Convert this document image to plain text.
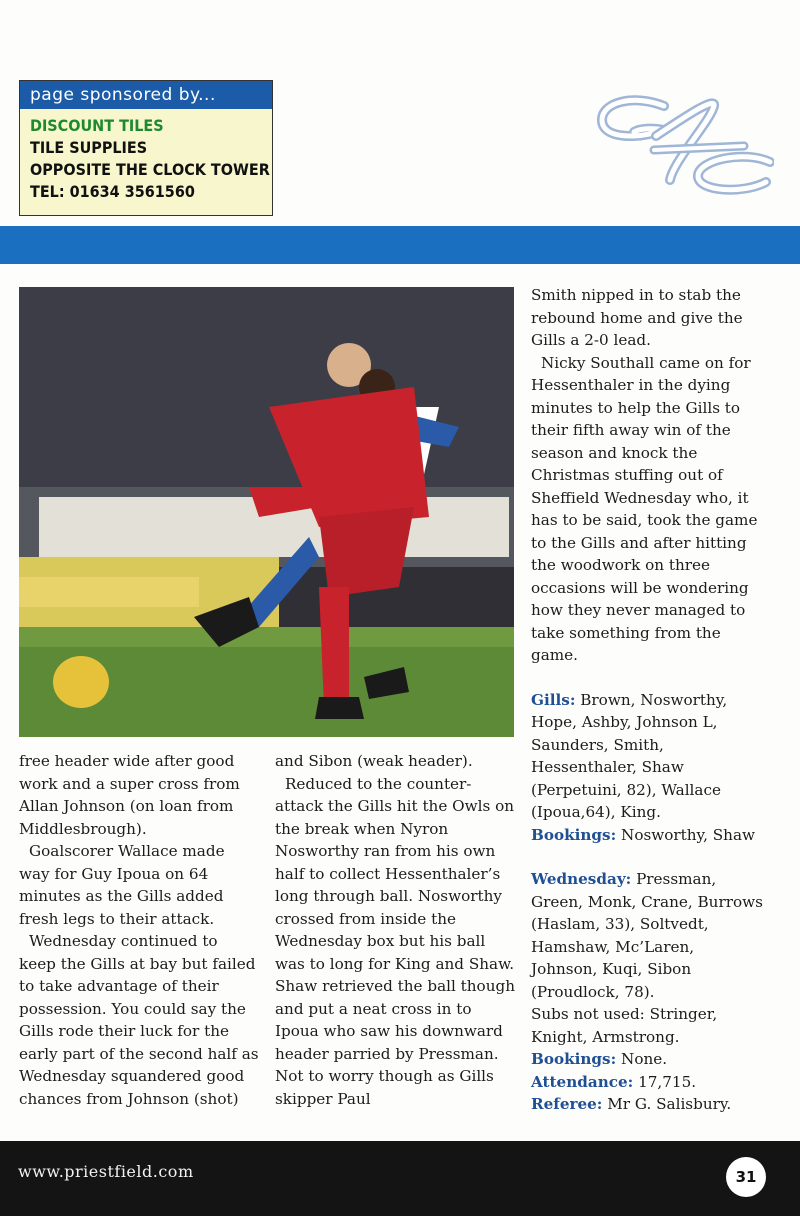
page sponsored by...
DISCOUNT TILES
TILE SUPPLIES
OPPOSITE THE CLOCK TOWER
TEL: 01634 3561560

free header wide after good work and a super cross from Allan Johnson (on loan from Middlesbrough).

Goalscorer Wallace made way for Guy Ipoua on 64 minutes as the Gills added fresh legs to their attack.

Wednesday continued to keep the Gills at bay but failed to take advantage of their possession. You could say the Gills rode their luck for the early part of the second half as Wednesday squandered good chances from Johnson (shot)

and Sibon (weak header).

Reduced to the counter-attack the Gills hit the Owls on the break when Nyron Nosworthy ran from his own half to collect Hessenthaler’s long through ball. Nosworthy crossed from inside the Wednesday box but his ball was to long for King and Shaw. Shaw retrieved the ball though and put a neat cross in to Ipoua who saw his downward header parried by Pressman. Not to worry though as Gills skipper Paul

Smith nipped in to stab the rebound home and give the Gills a 2-0 lead.

Nicky Southall came on for Hessenthaler in the dying minutes to help the Gills to their fifth away win of the season and knock the Christmas stuffing out of Sheffield Wednesday who, it has to be said, took the game to the Gills and after hitting the woodwork on three occasions will be wondering how they never managed to take something from the game.

Gills: Brown, Nosworthy, Hope, Ashby, Johnson L, Saunders, Smith, Hessenthaler, Shaw (Perpetuini, 82), Wallace (Ipoua,64), King.

Bookings: Nosworthy, Shaw

Wednesday: Pressman, Green, Monk, Crane, Burrows (Haslam, 33), Soltvedt, Hamshaw, Mc’Laren, Johnson, Kuqi, Sibon (Proudlock, 78).

Subs not used: Stringer, Knight, Armstrong.

Bookings: None.

Attendance: 17,715.

Referee: Mr G. Salisbury.

www.priestfield.com	31
